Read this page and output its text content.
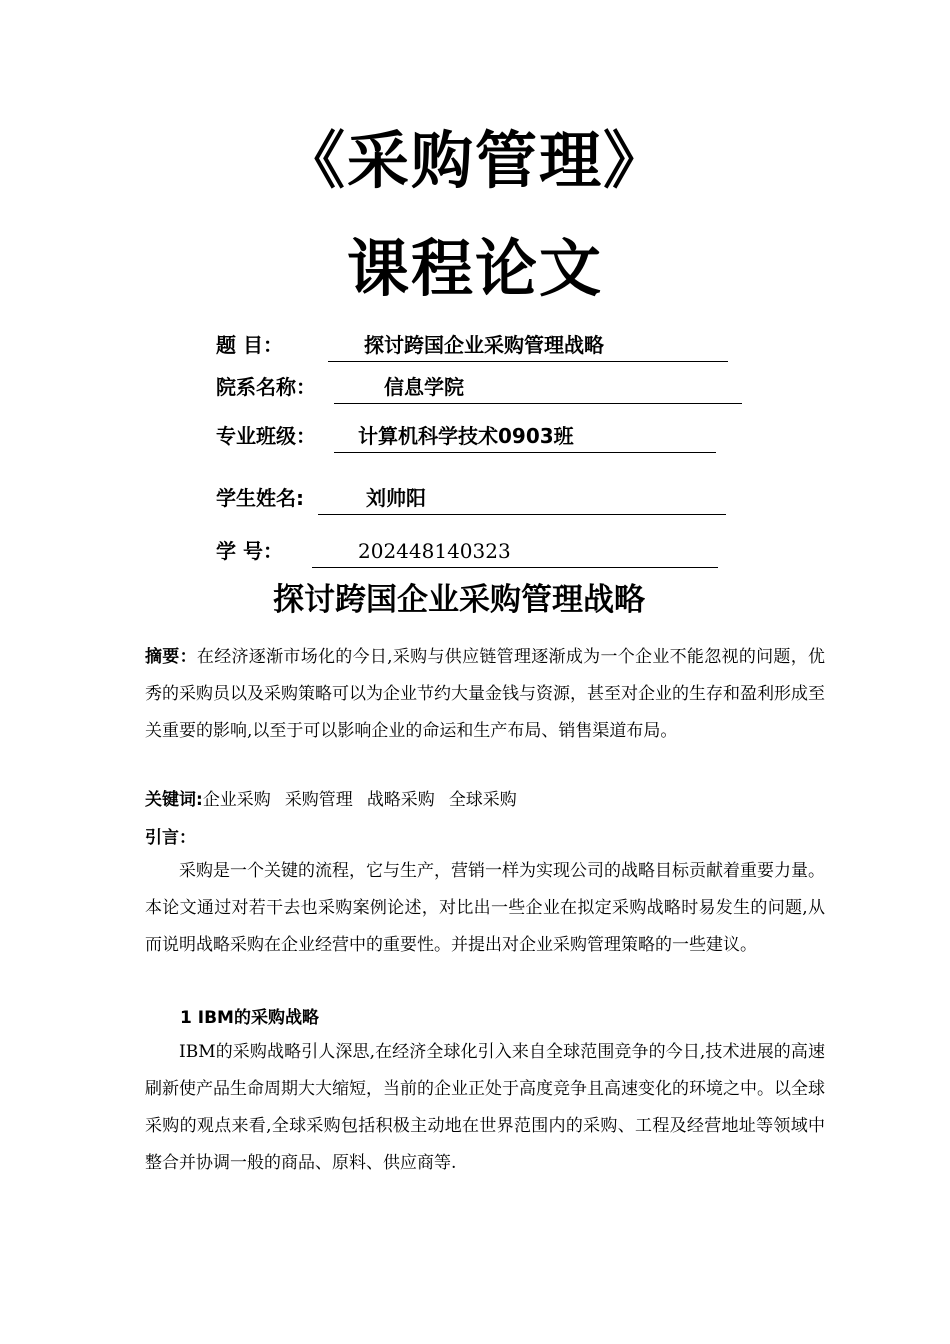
《采购管理》
课程论文
题 目：	探讨跨国企业采购管理战略
院系名称：	信息学院
专业班级： 计算机科学技术0903班
学生姓名:	刘帅阳
学 号：	202448140323
探讨跨国企业采购管理战略
摘要：在经济逐渐市场化的今日,采购与供应链管理逐渐成为一个企业不能忽视的问题，优秀的采购员以及采购策略可以为企业节约大量金钱与资源，甚至对企业的生存和盈利形成至关重要的影响,以至于可以影响企业的命运和生产布局、销售渠道布局。
关键词:企业采购 采购管理 战略采购 全球采购
引言：
采购是一个关键的流程，它与生产，营销一样为实现公司的战略目标贡献着重要力量。本论文通过对若干去也采购案例论述，对比出一些企业在拟定采购战略时易发生的问题,从而说明战略采购在企业经营中的重要性。并提出对企业采购管理策略的一些建议。
1 IBM的采购战略
IBM的采购战略引人深思,在经济全球化引入来自全球范围竞争的今日,技术进展的高速刷新使产品生命周期大大缩短，当前的企业正处于高度竞争且高速变化的环境之中。以全球采购的观点来看,全球采购包括积极主动地在世界范围内的采购、工程及经营地址等领域中整合并协调一般的商品、原料、供应商等.
